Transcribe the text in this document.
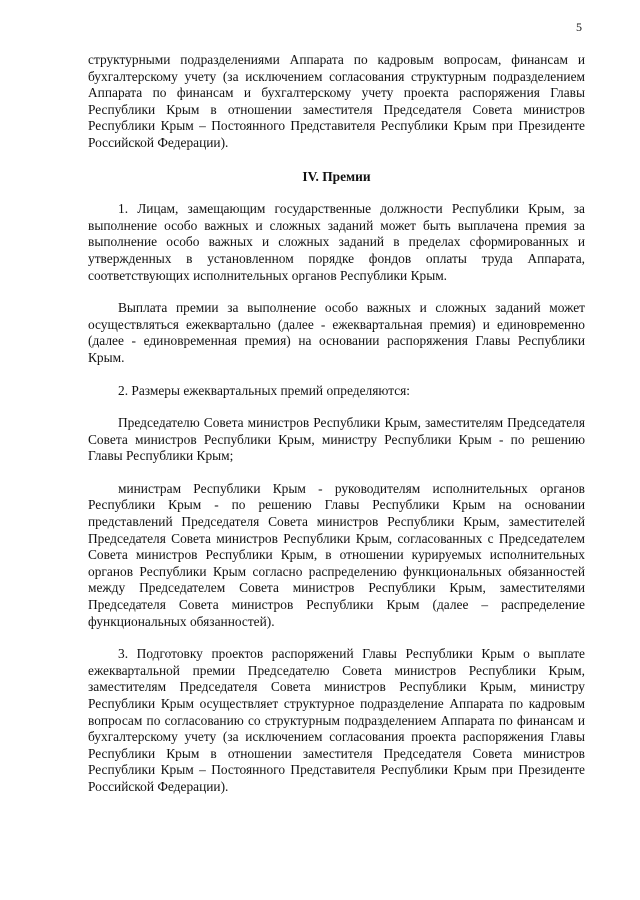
5

структурными подразделениями Аппарата по кадровым вопросам, финансам и бухгалтерскому учету (за исключением согласования структурным подразделением Аппарата по финансам и бухгалтерскому учету проекта распоряжения Главы Республики Крым в отношении заместителя Председателя Совета министров Республики Крым – Постоянного Представителя Республики Крым при Президенте Российской Федерации).

IV. Премии

1. Лицам, замещающим государственные должности Республики Крым, за выполнение особо важных и сложных заданий может быть выплачена премия за выполнение особо важных и сложных заданий в пределах сформированных и утвержденных в установленном порядке фондов оплаты труда Аппарата, соответствующих исполнительных органов Республики Крым.

Выплата премии за выполнение особо важных и сложных заданий может осуществляться ежеквартально (далее - ежеквартальная премия) и единовременно (далее - единовременная премия) на основании распоряжения Главы Республики Крым.

2. Размеры ежеквартальных премий определяются:

Председателю Совета министров Республики Крым, заместителям Председателя Совета министров Республики Крым, министру Республики Крым - по решению Главы Республики Крым;

министрам Республики Крым - руководителям исполнительных органов Республики Крым - по решению Главы Республики Крым на основании представлений Председателя Совета министров Республики Крым, заместителей Председателя Совета министров Республики Крым, согласованных с Председателем Совета министров Республики Крым, в отношении курируемых исполнительных органов Республики Крым согласно распределению функциональных обязанностей между Председателем Совета министров Республики Крым, заместителями Председателя Совета министров Республики Крым (далее – распределение функциональных обязанностей).

3. Подготовку проектов распоряжений Главы Республики Крым о выплате ежеквартальной премии Председателю Совета министров Республики Крым, заместителям Председателя Совета министров Республики Крым, министру Республики Крым осуществляет структурное подразделение Аппарата по кадровым вопросам по согласованию со структурным подразделением Аппарата по финансам и бухгалтерскому учету (за исключением согласования проекта распоряжения Главы Республики Крым в отношении заместителя Председателя Совета министров Республики Крым – Постоянного Представителя Республики Крым при Президенте Российской Федерации).
